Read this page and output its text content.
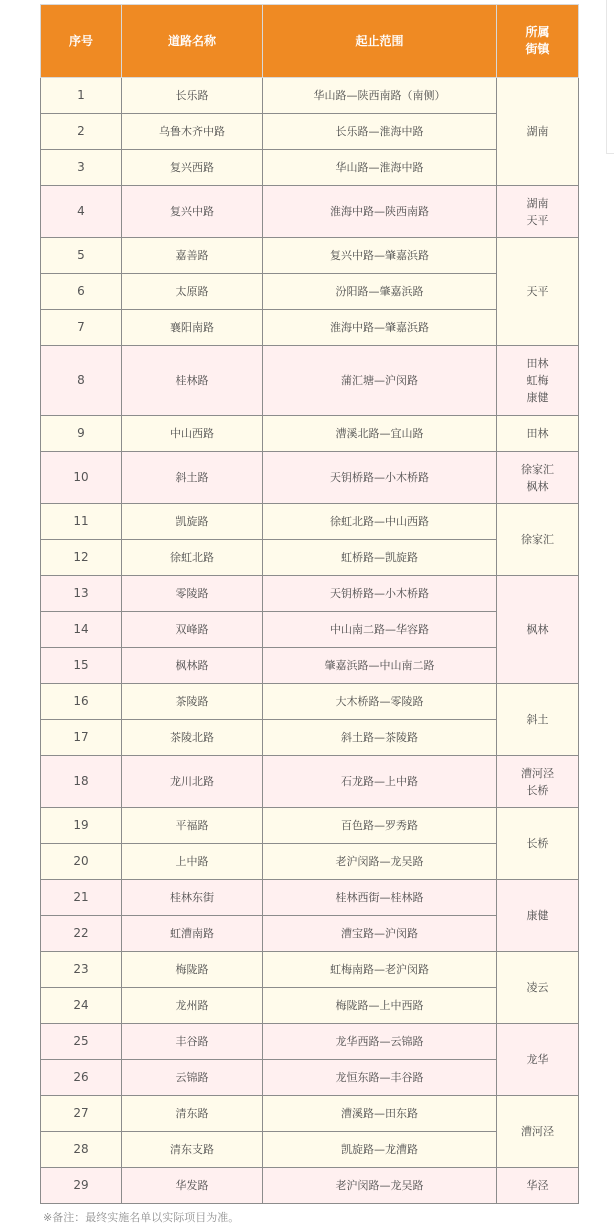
序号	道路名称	起止范围	所属
街镇

1	长乐路	华山路—陕西南路（南侧）	湖南

2	乌鲁木齐中路	长乐路—淮海中路	
3	复兴西路	华山路—淮海中路	
4	复兴中路	淮海中路—陕西南路	湖南
天平

5	嘉善路	复兴中路—肇嘉浜路	天平

6	太原路	汾阳路—肇嘉浜路	
7	襄阳南路	淮海中路—肇嘉浜路	
8	桂林路	蒲汇塘—沪闵路	田林
虹梅
康健

9	中山西路	漕溪北路—宜山路	田林

10	斜土路	天钥桥路—小木桥路	徐家汇
枫林

11	凯旋路	徐虹北路—中山西路	徐家汇

12	徐虹北路	虹桥路—凯旋路	
13	零陵路	天钥桥路—小木桥路	枫林

14	双峰路	中山南二路—华容路	
15	枫林路	肇嘉浜路—中山南二路	
16	茶陵路	大木桥路—零陵路	斜土

17	茶陵北路	斜土路—茶陵路	
18	龙川北路	石龙路—上中路	漕河泾
长桥

19	平福路	百色路—罗秀路	长桥

20	上中路	老沪闵路—龙吴路	
21	桂林东街	桂林西街—桂林路	康健

22	虹漕南路	漕宝路—沪闵路	
23	梅陇路	虹梅南路—老沪闵路	凌云

24	龙州路	梅陇路—上中西路	
25	丰谷路	龙华西路—云锦路	龙华

26	云锦路	龙恒东路—丰谷路	
27	清东路	漕溪路—田东路	漕河泾

28	清东支路	凯旋路—龙漕路	
29	华发路	老沪闵路—龙吴路	华泾
※备注：最终实施名单以实际项目为准。
